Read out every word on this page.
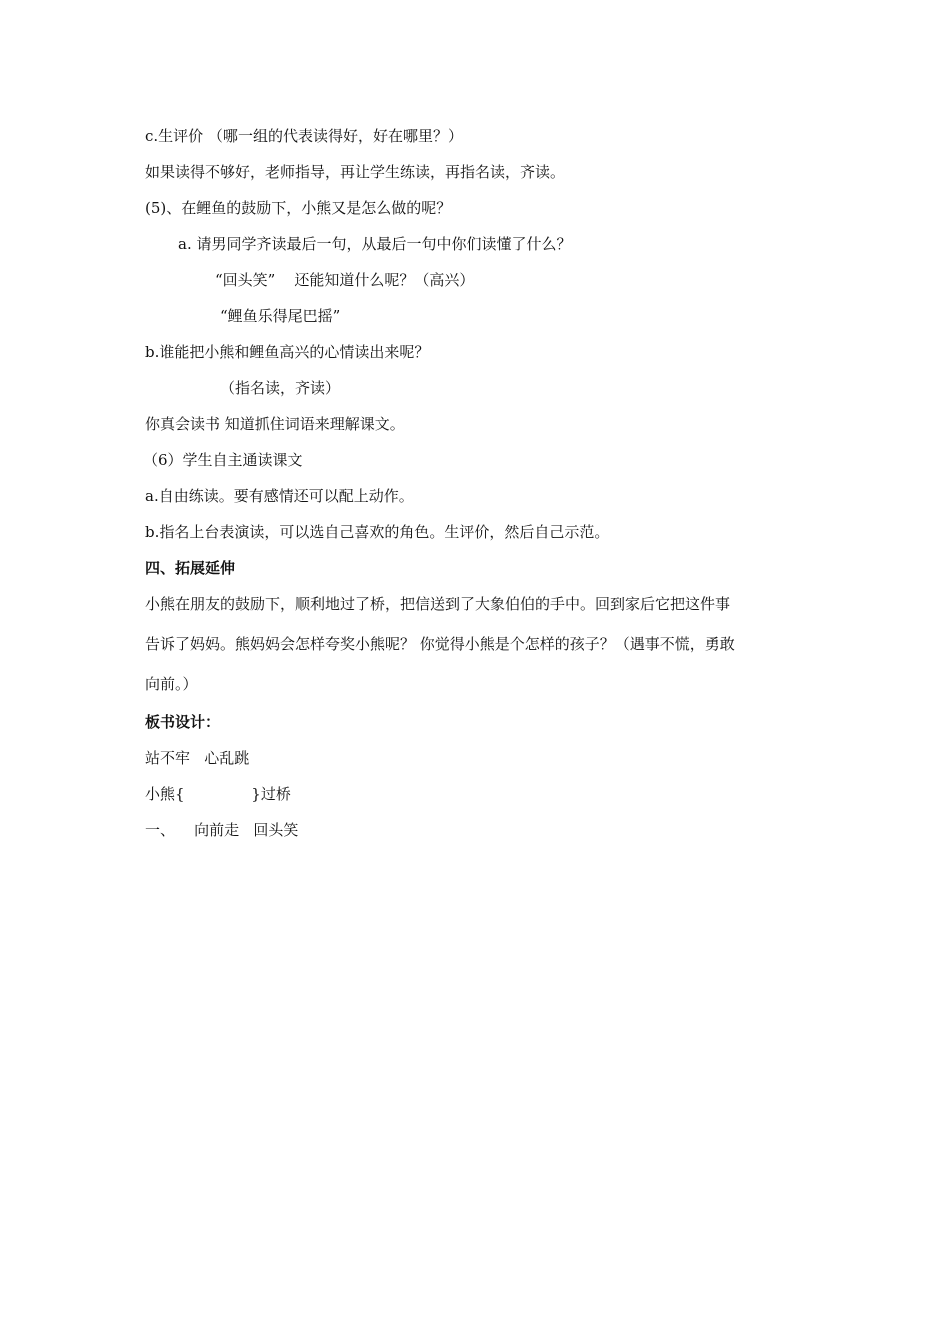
c.生评价 （哪一组的代表读得好，好在哪里？）
如果读得不够好，老师指导，再让学生练读，再指名读，齐读。
(5)、在鲤鱼的鼓励下，小熊又是怎么做的呢？
a. 请男同学齐读最后一句，从最后一句中你们读懂了什么？
“回头笑”    还能知道什么呢？（高兴）
“鲤鱼乐得尾巴摇”
b.谁能把小熊和鲤鱼高兴的心情读出来呢？
（指名读，齐读）
你真会读书 知道抓住词语来理解课文。
（6）学生自主通读课文
a.自由练读。要有感情还可以配上动作。
b.指名上台表演读，可以选自己喜欢的角色。生评价，然后自己示范。
四、拓展延伸
小熊在朋友的鼓励下，顺利地过了桥，把信送到了大象伯伯的手中。回到家后它把这件事
告诉了妈妈。熊妈妈会怎样夸奖小熊呢？ 你觉得小熊是个怎样的孩子？（遇事不慌，勇敢
向前。）
板书设计：
站不牢   心乱跳
小熊{              }过桥
一、    向前走   回头笑
